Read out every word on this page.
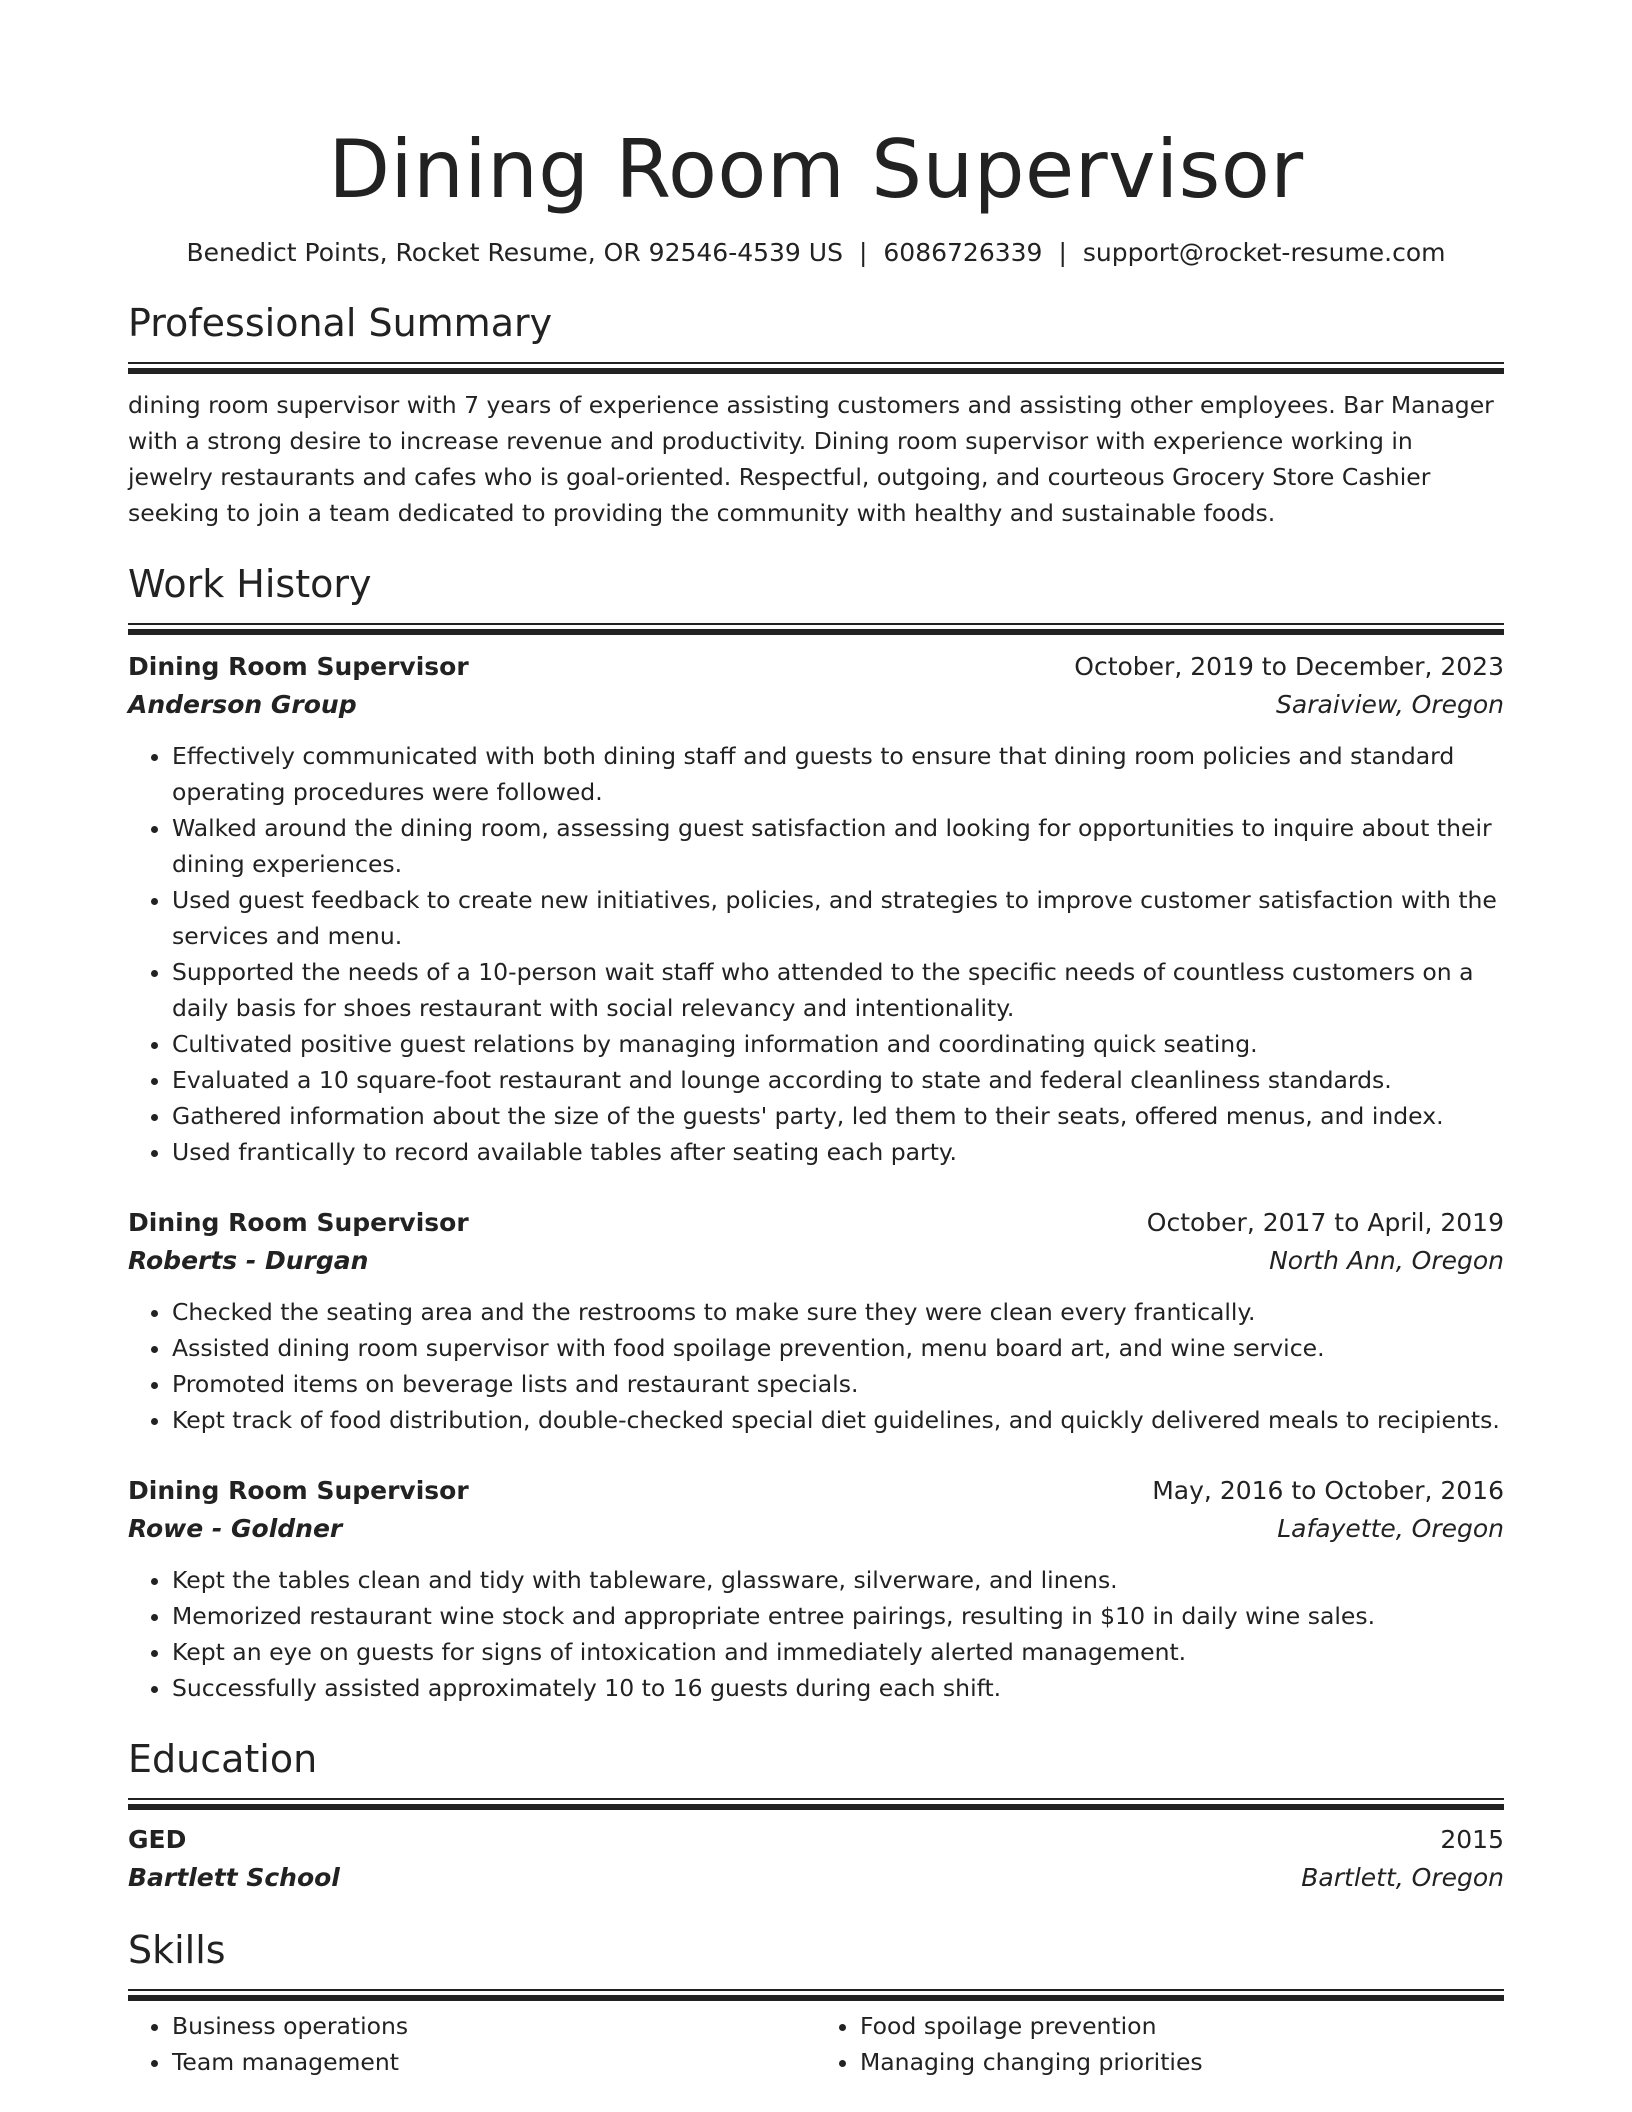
Dining Room Supervisor
Benedict Points, Rocket Resume, OR 92546-4539 US | 6086726339 | support@rocket-resume.com
Professional Summary
dining room supervisor with 7 years of experience assisting customers and assisting other employees. Bar Manager with a strong desire to increase revenue and productivity. Dining room supervisor with experience working in jewelry restaurants and cafes who is goal-oriented. Respectful, outgoing, and courteous Grocery Store Cashier seeking to join a team dedicated to providing the community with healthy and sustainable foods.
Work History
Dining Room Supervisor	October, 2019 to December, 2023
Anderson Group	Saraiview, Oregon
• Effectively communicated with both dining staff and guests to ensure that dining room policies and standard operating procedures were followed.
• Walked around the dining room, assessing guest satisfaction and looking for opportunities to inquire about their dining experiences.
• Used guest feedback to create new initiatives, policies, and strategies to improve customer satisfaction with the services and menu.
• Supported the needs of a 10-person wait staff who attended to the specific needs of countless customers on a daily basis for shoes restaurant with social relevancy and intentionality.
• Cultivated positive guest relations by managing information and coordinating quick seating.
• Evaluated a 10 square-foot restaurant and lounge according to state and federal cleanliness standards.
• Gathered information about the size of the guests' party, led them to their seats, offered menus, and index.
• Used frantically to record available tables after seating each party.
Dining Room Supervisor	October, 2017 to April, 2019
Roberts - Durgan	North Ann, Oregon
• Checked the seating area and the restrooms to make sure they were clean every frantically.
• Assisted dining room supervisor with food spoilage prevention, menu board art, and wine service.
• Promoted items on beverage lists and restaurant specials.
• Kept track of food distribution, double-checked special diet guidelines, and quickly delivered meals to recipients.
Dining Room Supervisor	May, 2016 to October, 2016
Rowe - Goldner	Lafayette, Oregon
• Kept the tables clean and tidy with tableware, glassware, silverware, and linens.
• Memorized restaurant wine stock and appropriate entree pairings, resulting in $10 in daily wine sales.
• Kept an eye on guests for signs of intoxication and immediately alerted management.
• Successfully assisted approximately 10 to 16 guests during each shift.
Education
GED	2015
Bartlett School	Bartlett, Oregon
Skills
• Business operations
• Team management
• Food spoilage prevention
• Managing changing priorities
